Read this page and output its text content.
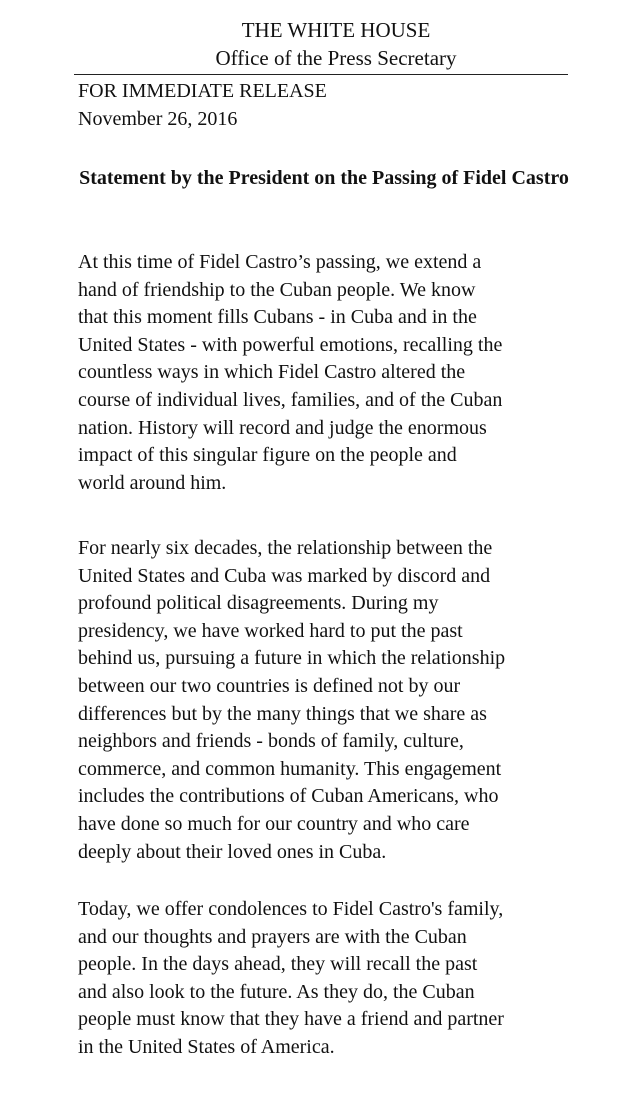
THE WHITE HOUSE
Office of the Press Secretary
FOR IMMEDIATE RELEASE
November 26, 2016
Statement by the President on the Passing of Fidel Castro
At this time of Fidel Castro’s passing, we extend a
hand of friendship to the Cuban people. We know
that this moment fills Cubans - in Cuba and in the
United States - with powerful emotions, recalling the
countless ways in which Fidel Castro altered the
course of individual lives, families, and of the Cuban
nation. History will record and judge the enormous
impact of this singular figure on the people and
world around him.
For nearly six decades, the relationship between the
United States and Cuba was marked by discord and
profound political disagreements. During my
presidency, we have worked hard to put the past
behind us, pursuing a future in which the relationship
between our two countries is defined not by our
differences but by the many things that we share as
neighbors and friends - bonds of family, culture,
commerce, and common humanity. This engagement
includes the contributions of Cuban Americans, who
have done so much for our country and who care
deeply about their loved ones in Cuba.
Today, we offer condolences to Fidel Castro's family,
and our thoughts and prayers are with the Cuban
people. In the days ahead, they will recall the past
and also look to the future. As they do, the Cuban
people must know that they have a friend and partner
in the United States of America.
